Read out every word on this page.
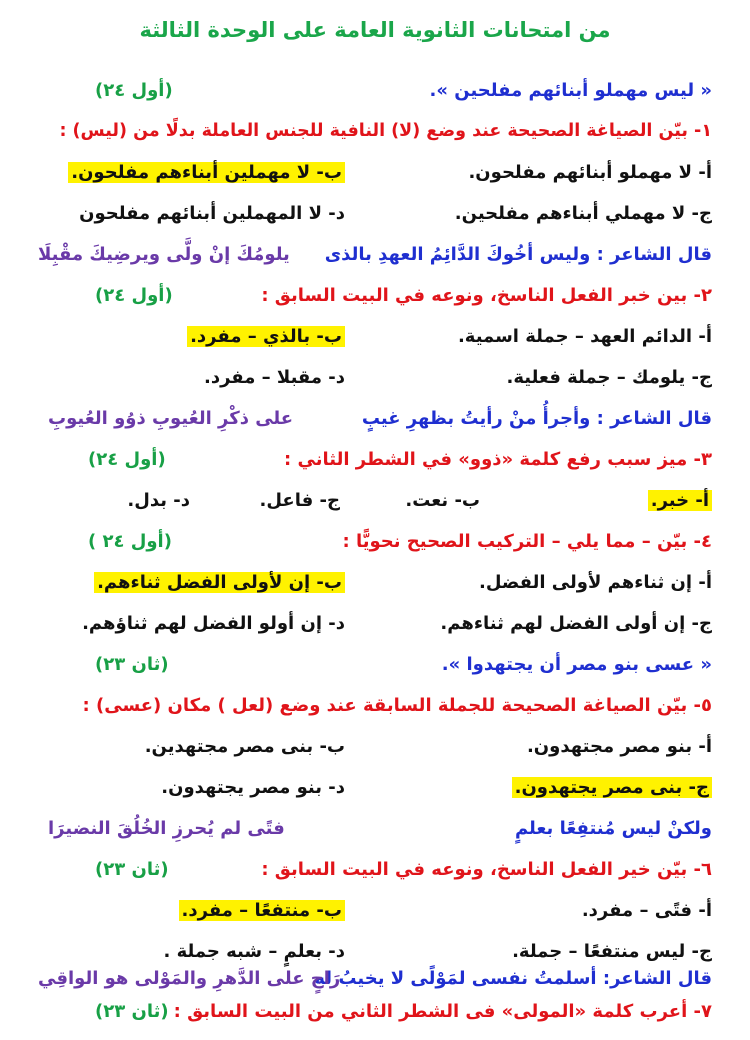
من امتحانات الثانوية العامة على الوحدة الثالثة
« ليس مهملو أبنائهم مفلحين ».
(أول ٢٤)
١- بيّن الصياغة الصحيحة عند وضع (لا) النافية للجنس العاملة بدلًا من (ليس) :
أ- لا مهملو أبنائهم مفلحون.
ب- لا مهملين أبناءهم مفلحون.
ج- لا مهملي أبناءهم مفلحين.
د- لا المهملين أبنائهم مفلحون
قال الشاعر : وليس أخُوكَ الدَّائِمُ العهدِ بالذى
يلومُكَ إنْ ولَّى ويرضِيكَ مقْبِلَا
٢- بين خبر الفعل الناسخ، ونوعه في البيت السابق :
(أول ٢٤)
أ- الدائم العهد – جملة اسمية.
ب- بالذي – مفرد.
ج- يلومك – جملة فعلية.
د- مقبلا – مفرد.
قال الشاعر : وأجرأُ منْ رأيتُ بظهرِ غيبٍ
على ذكْرِ العُيوبِ ذوُو العُيوبِ
٣- ميز سبب رفع كلمة «ذوو» في الشطر الثاني :
(أول ٢٤)
أ- خبر.
ب- نعت.
ج- فاعل.
د- بدل.
٤- بيّن – مما يلي – التركيب الصحيح نحويًّا :
(أول ٢٤ )
أ- إن ثناءهم لأولى الفضل.
ب- إن لأولى الفضل ثناءهم.
ج- إن أولى الفضل لهم ثناءهم.
د- إن أولو الفضل لهم ثناؤهم.
« عسى بنو مصر أن يجتهدوا ».
(ثان ٢٣)
٥- بيّن الصياغة الصحيحة للجملة السابقة عند وضع (لعل ) مكان (عسى) :
أ- بنو مصر مجتهدون.
ب- بنى مصر مجتهدين.
ج- بنى مصر يجتهدون.
د- بنو مصر يجتهدون.
ولكنْ ليس مُنتفِعًا بعلمٍ
فتًى لم يُحرزِ الخُلُقَ النضيرَا
٦- بيّن خير الفعل الناسخ، ونوعه في البيت السابق :
(ثان ٢٣)
أ- فتًى – مفرد.
ب- منتفعًا – مفرد.
ج- ليس منتفعًا – جملة.
د- بعلمٍ – شبه جملة .
قال الشاعر: أسلمتُ نفسى لمَوْلًى لا يخيبُ له
رَاجٍ على الدَّهرِ والمَوْلى هو الواقِي
٧- أعرب كلمة «المولى» فى الشطر الثاني من البيت السابق :
(ثان ٢٣)
